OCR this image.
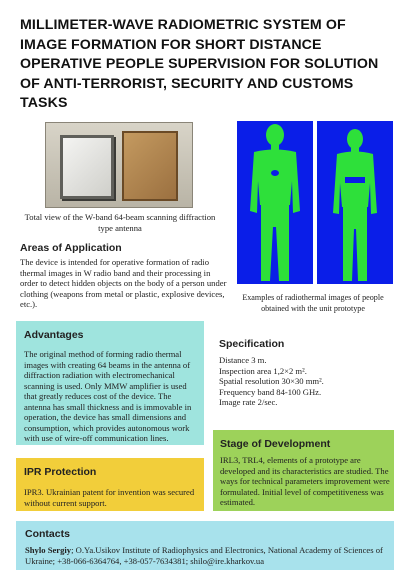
MILLIMETER-WAVE RADIOMETRIC SYSTEM OF
IMAGE FORMATION FOR SHORT DISTANCE
OPERATIVE PEOPLE SUPERVISION FOR SOLUTION
OF ANTI-TERRORIST, SECURITY AND CUSTOMS TASKS
Total view of the W-band 64-beam scanning diffraction type antenna
Examples of radiothermal images of people obtained with the unit prototype
Areas of Application
The device is intended for operative formation of radio thermal images in W radio band and their processing in order to detect hidden objects on the body of a person under clothing (weapons from metal or plastic, explosive devices, etc.).
Advantages
The original method of forming radio thermal images with creating 64 beams in the antenna of diffraction radiation with electromechanical scanning is used. Only MMW amplifier is used that greatly reduces cost of the device. The antenna has small thickness and is immovable in operation, the device has small dimensions and consumption, which provides autonomous work with use of wire-off communication lines.
Specification
Distance 3 m.
Inspection area 1,2×2 m².
Spatial resolution 30×30 mm².
Frequency band 84-100 GHz.
Image rate 2/sec.
IPR Protection
IPR3. Ukrainian patent for invention was secured without current support.
Stage of Development
IRL3, TRL4, elements of a prototype are developed and its characteristics are studied. The ways for technical parameters improvement were formulated. Initial level of competitiveness was estimated.
Contacts
Shylo Sergiy; O.Ya.Usikov Institute of Radiophysics and Electronics, National Academy of Sciences of Ukraine; +38-066-6364764, +38-057-7634381; shilo@ire.kharkov.ua
